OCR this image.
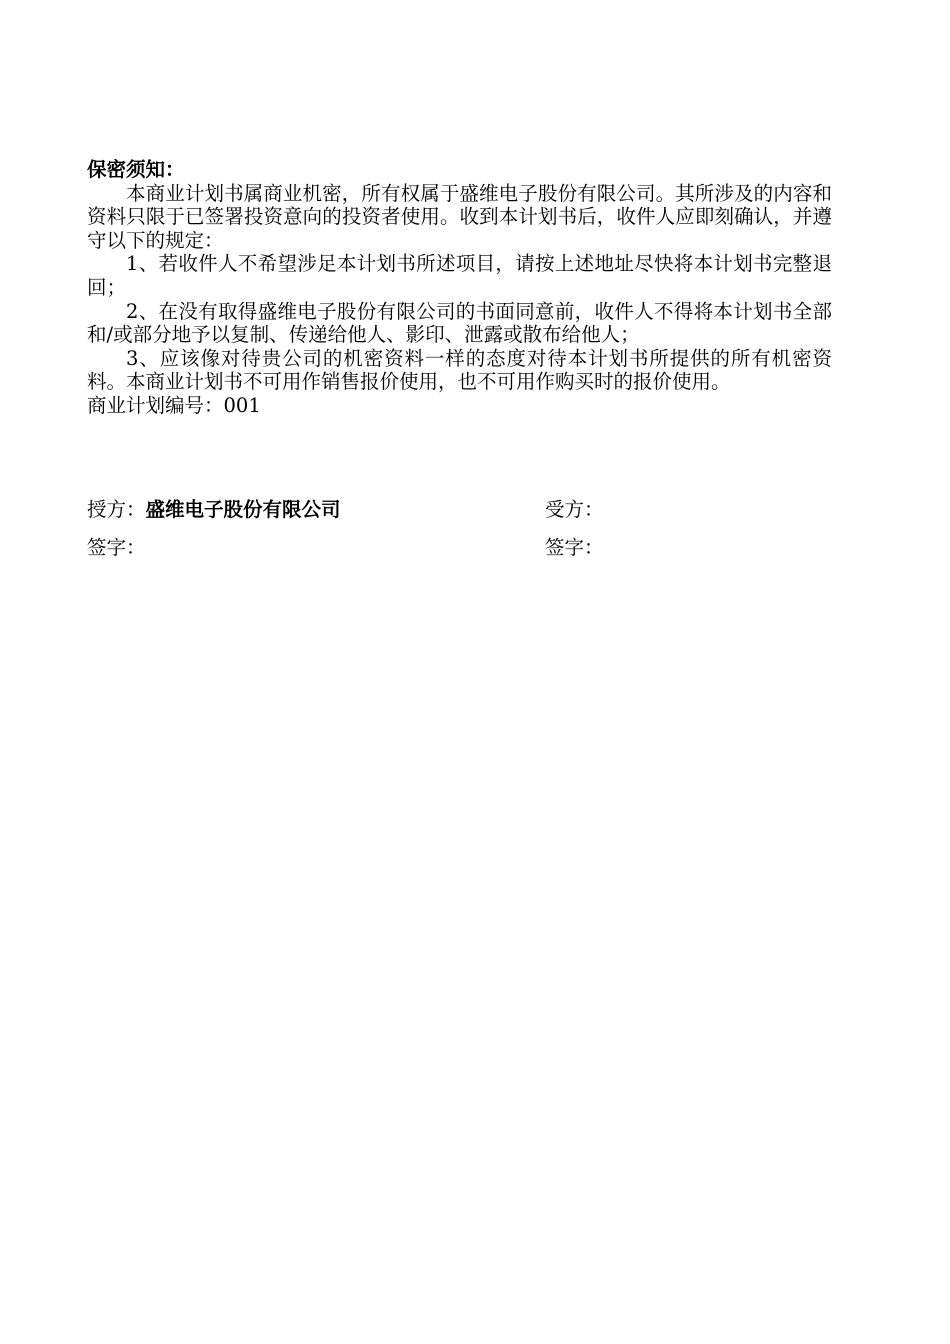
保密须知：

本商业计划书属商业机密，所有权属于盛维电子股份有限公司。其所涉及的内容和资料只限于已签署投资意向的投资者使用。收到本计划书后，收件人应即刻确认，并遵守以下的规定：

1、若收件人不希望涉足本计划书所述项目，请按上述地址尽快将本计划书完整退回；

2、在没有取得盛维电子股份有限公司的书面同意前，收件人不得将本计划书全部和/或部分地予以复制、传递给他人、影印、泄露或散布给他人；

3、应该像对待贵公司的机密资料一样的态度对待本计划书所提供的所有机密资料。本商业计划书不可用作销售报价使用，也不可用作购买时的报价使用。

商业计划编号：001

授方：盛维电子股份有限公司	受方：
签字：	签字：
